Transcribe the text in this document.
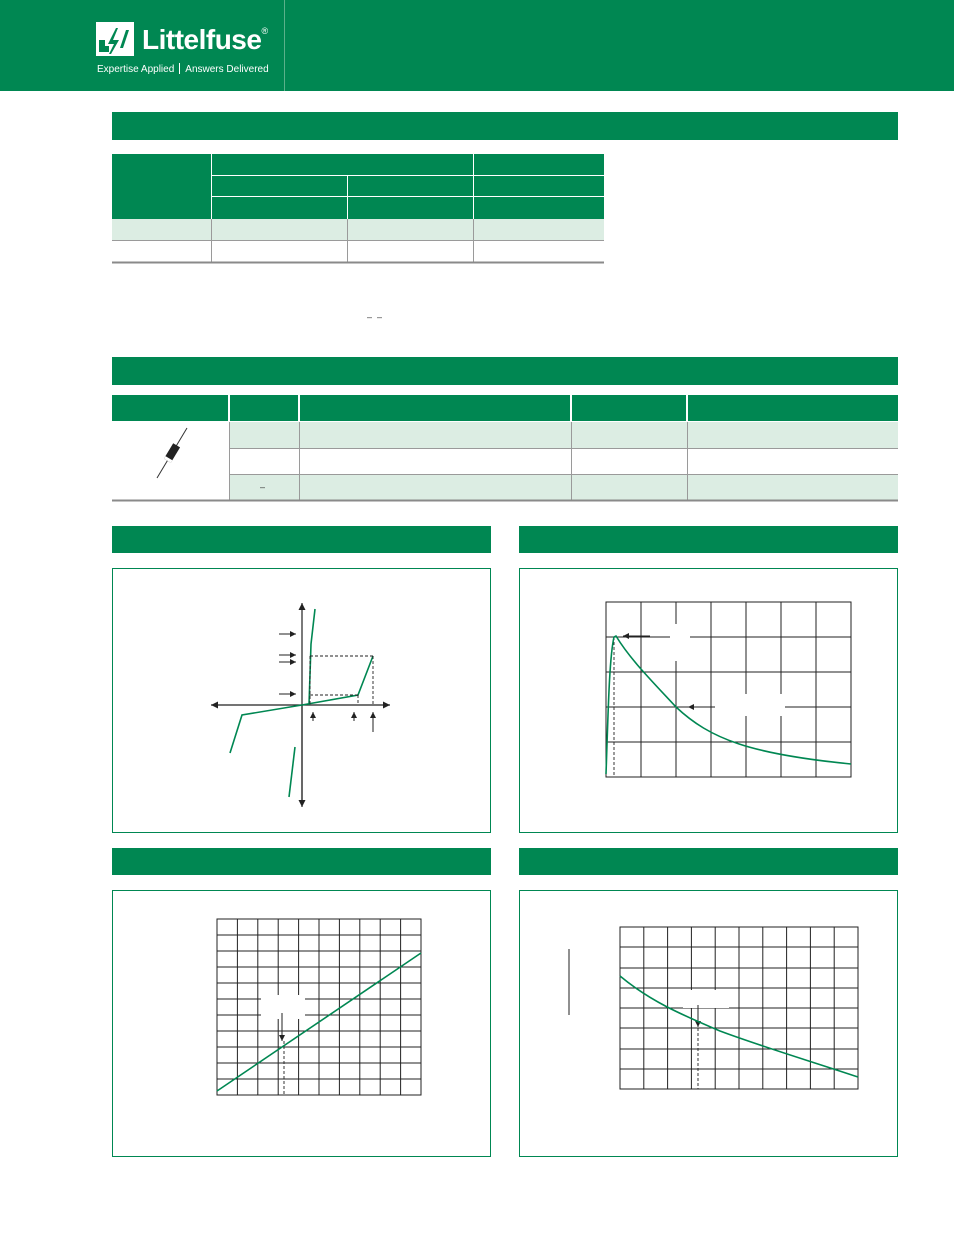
Littelfuse®
Expertise Applied Answers Delivered
– –
–
